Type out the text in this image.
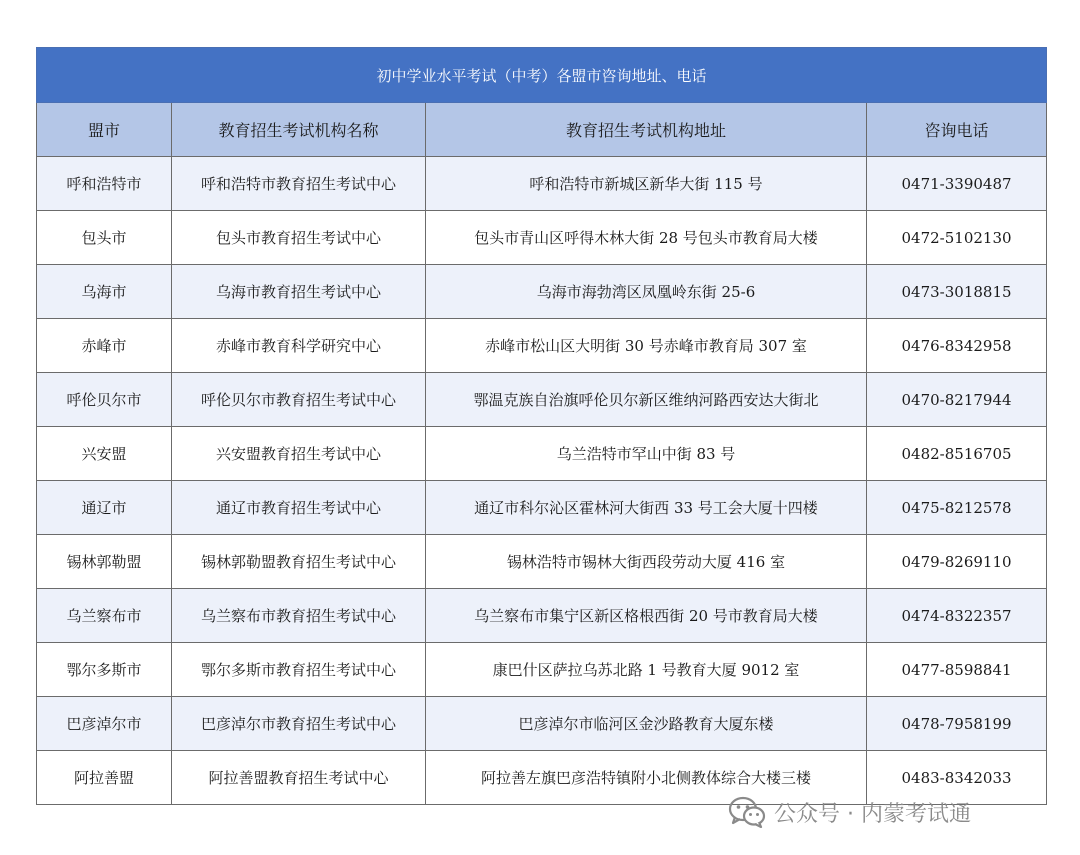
初中学业水平考试（中考）各盟市咨询地址、电话			
盟市	教育招生考试机构名称	教育招生考试机构地址	咨询电话
呼和浩特市	呼和浩特市教育招生考试中心	呼和浩特市新城区新华大街 115 号	0471-3390487
包头市	包头市教育招生考试中心	包头市青山区呼得木林大街 28 号包头市教育局大楼	0472-5102130
乌海市	乌海市教育招生考试中心	乌海市海勃湾区凤凰岭东街 25-6	0473-3018815
赤峰市	赤峰市教育科学研究中心	赤峰市松山区大明街 30 号赤峰市教育局 307 室	0476-8342958
呼伦贝尔市	呼伦贝尔市教育招生考试中心	鄂温克族自治旗呼伦贝尔新区维纳河路西安达大街北	0470-8217944
兴安盟	兴安盟教育招生考试中心	乌兰浩特市罕山中街 83 号	0482-8516705
通辽市	通辽市教育招生考试中心	通辽市科尔沁区霍林河大街西 33 号工会大厦十四楼	0475-8212578
锡林郭勒盟	锡林郭勒盟教育招生考试中心	锡林浩特市锡林大街西段劳动大厦 416 室	0479-8269110
乌兰察布市	乌兰察布市教育招生考试中心	乌兰察布市集宁区新区格根西街 20 号市教育局大楼	0474-8322357
鄂尔多斯市	鄂尔多斯市教育招生考试中心	康巴什区萨拉乌苏北路 1 号教育大厦 9012 室	0477-8598841
巴彦淖尔市	巴彦淖尔市教育招生考试中心	巴彦淖尔市临河区金沙路教育大厦东楼	0478-7958199
阿拉善盟	阿拉善盟教育招生考试中心	阿拉善左旗巴彦浩特镇附小北侧教体综合大楼三楼	0483-8342033
公众号 · 内蒙考试通
